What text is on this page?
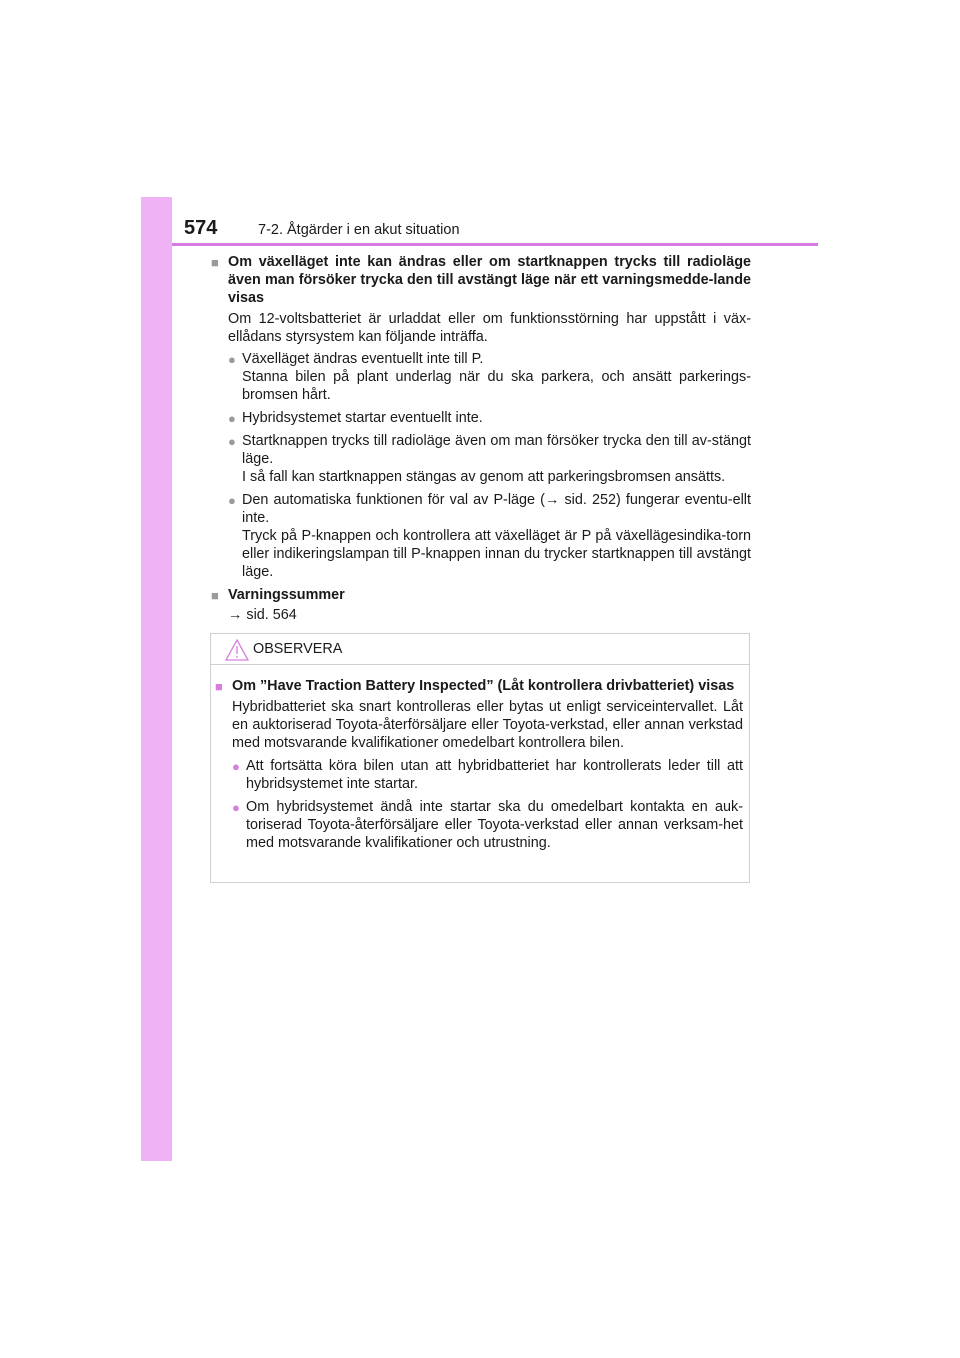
574	7-2. Åtgärder i en akut situation
■ Om växelläget inte kan ändras eller om startknappen trycks till radioläge även man försöker trycka den till avstängt läge när ett varningsmedde-lande visas
Om 12-voltsbatteriet är urladdat eller om funktionsstörning har uppstått i väx-ellådans styrsystem kan följande inträffa.
● Växelläget ändras eventuellt inte till P.
Stanna bilen på plant underlag när du ska parkera, och ansätt parkerings-bromsen hårt.
● Hybridsystemet startar eventuellt inte.
● Startknappen trycks till radioläge även om man försöker trycka den till av-stängt läge.
I så fall kan startknappen stängas av genom att parkeringsbromsen ansätts.
● Den automatiska funktionen för val av P-läge (→ sid. 252) fungerar eventu-ellt inte.
Tryck på P-knappen och kontrollera att växelläget är P på växellägesindika-torn eller indikeringslampan till P-knappen innan du trycker startknappen till avstängt läge.
■ Varningssummer
→ sid. 564
OBSERVERA
■ Om ”Have Traction Battery Inspected” (Låt kontrollera drivbatteriet) visas
Hybridbatteriet ska snart kontrolleras eller bytas ut enligt serviceintervallet. Låt en auktoriserad Toyota-återförsäljare eller Toyota-verkstad, eller annan verkstad med motsvarande kvalifikationer omedelbart kontrollera bilen.
● Att fortsätta köra bilen utan att hybridbatteriet har kontrollerats leder till att hybridsystemet inte startar.
● Om hybridsystemet ändå inte startar ska du omedelbart kontakta en auk-toriserad Toyota-återförsäljare eller Toyota-verkstad eller annan verksam-het med motsvarande kvalifikationer och utrustning.
